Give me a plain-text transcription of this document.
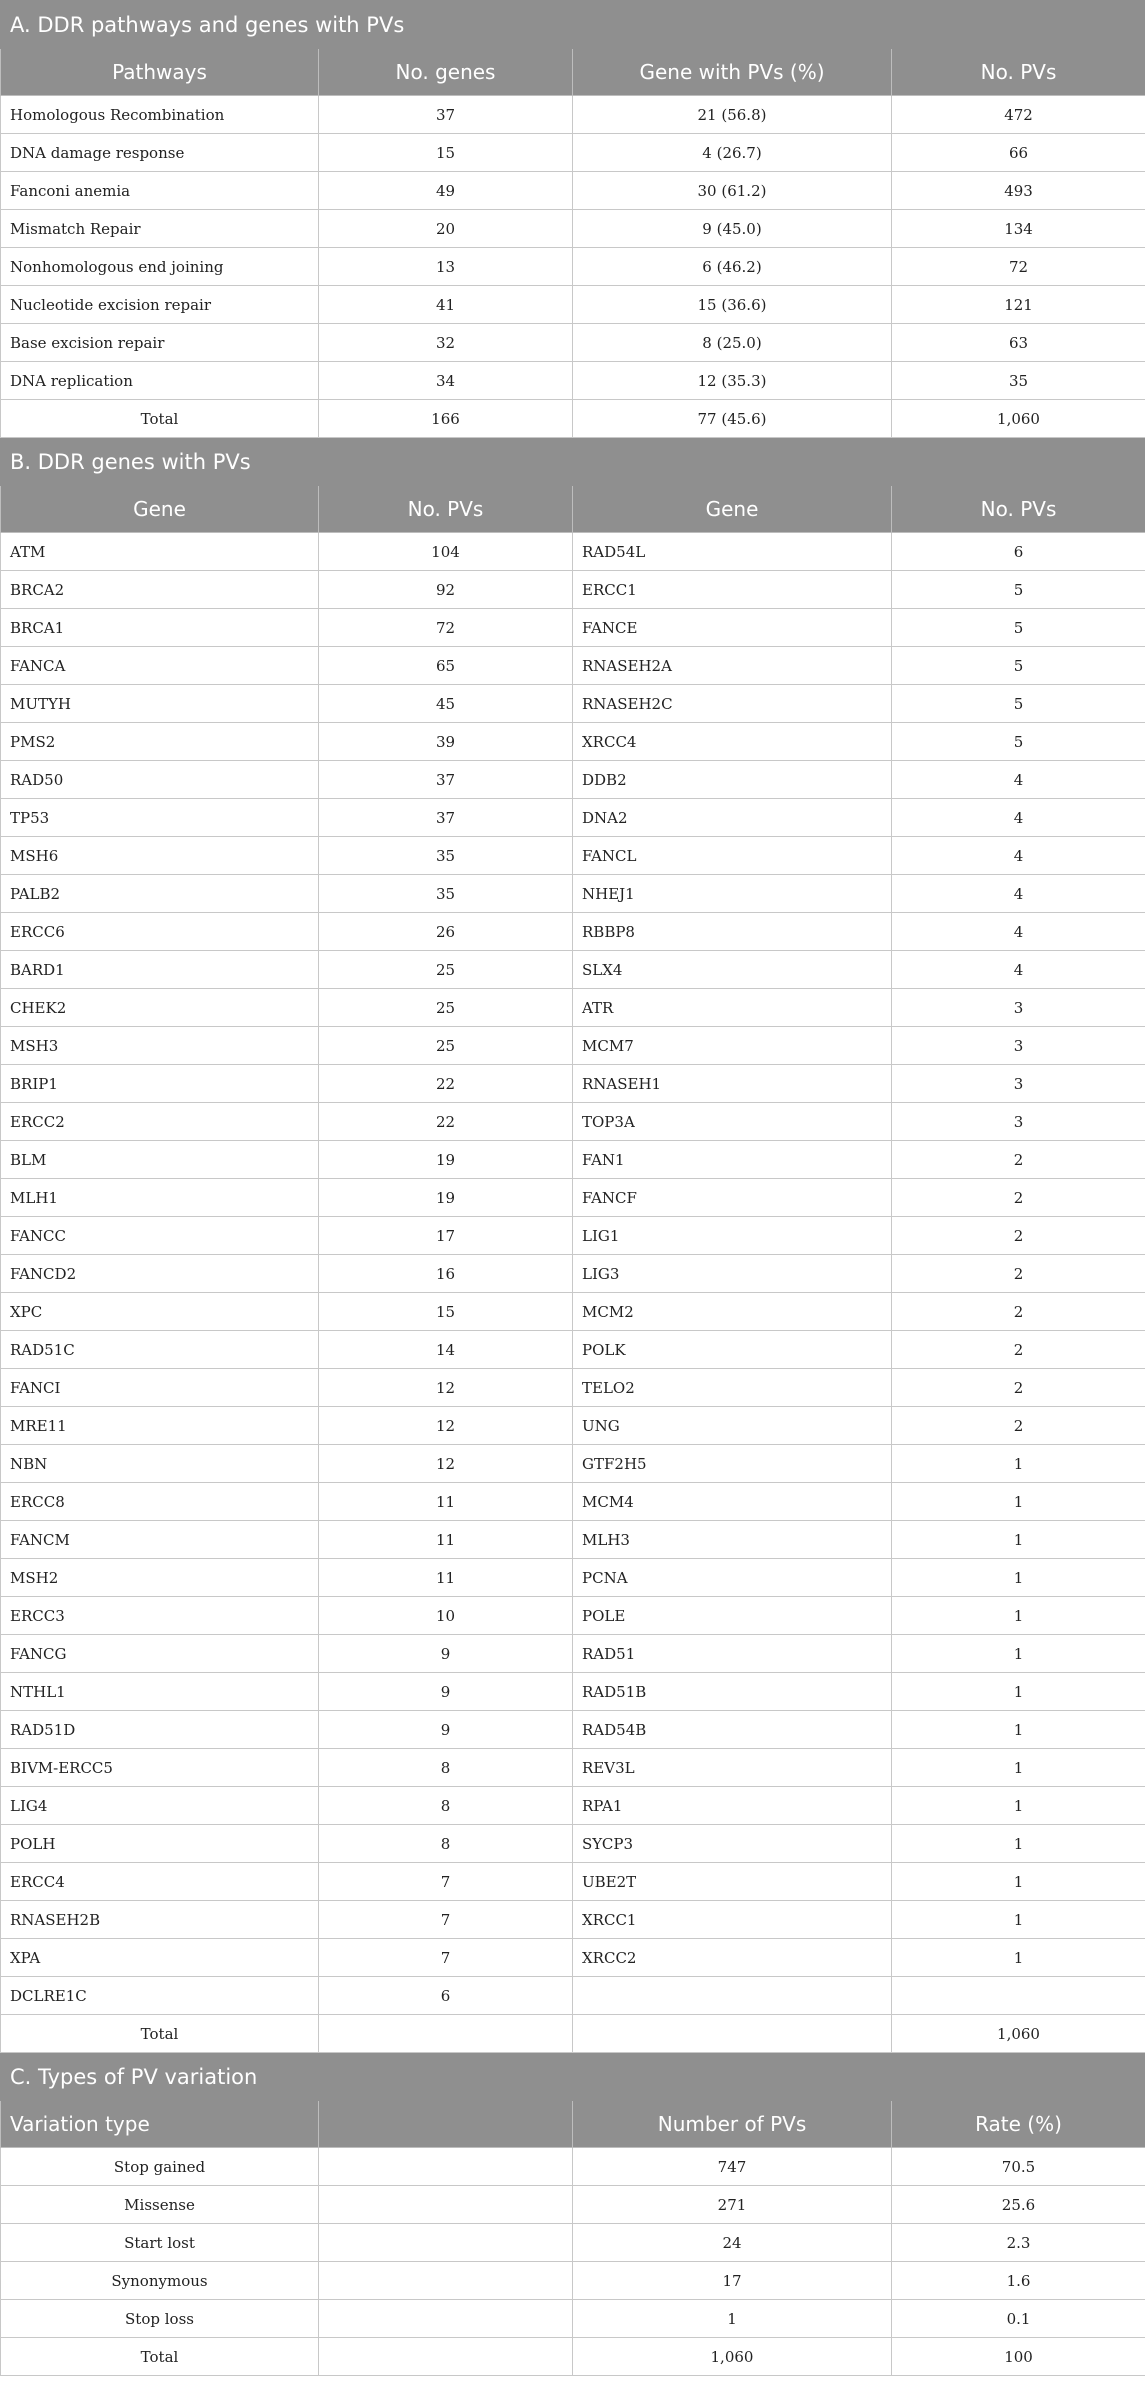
A. DDR pathways and genes with PVs			
Pathways	No. genes	Gene with PVs (%)	No. PVs
Homologous Recombination	37	21 (56.8)	472
DNA damage response	15	4 (26.7)	66
Fanconi anemia	49	30 (61.2)	493
Mismatch Repair	20	9 (45.0)	134
Nonhomologous end joining	13	6 (46.2)	72
Nucleotide excision repair	41	15 (36.6)	121
Base excision repair	32	8 (25.0)	63
DNA replication	34	12 (35.3)	35
Total	166	77 (45.6)	1,060
B. DDR genes with PVs			
Gene	No. PVs	Gene	No. PVs
ATM	104	RAD54L	6
BRCA2	92	ERCC1	5
BRCA1	72	FANCE	5
FANCA	65	RNASEH2A	5
MUTYH	45	RNASEH2C	5
PMS2	39	XRCC4	5
RAD50	37	DDB2	4
TP53	37	DNA2	4
MSH6	35	FANCL	4
PALB2	35	NHEJ1	4
ERCC6	26	RBBP8	4
BARD1	25	SLX4	4
CHEK2	25	ATR	3
MSH3	25	MCM7	3
BRIP1	22	RNASEH1	3
ERCC2	22	TOP3A	3
BLM	19	FAN1	2
MLH1	19	FANCF	2
FANCC	17	LIG1	2
FANCD2	16	LIG3	2
XPC	15	MCM2	2
RAD51C	14	POLK	2
FANCI	12	TELO2	2
MRE11	12	UNG	2
NBN	12	GTF2H5	1
ERCC8	11	MCM4	1
FANCM	11	MLH3	1
MSH2	11	PCNA	1
ERCC3	10	POLE	1
FANCG	9	RAD51	1
NTHL1	9	RAD51B	1
RAD51D	9	RAD54B	1
BIVM-ERCC5	8	REV3L	1
LIG4	8	RPA1	1
POLH	8	SYCP3	1
ERCC4	7	UBE2T	1
RNASEH2B	7	XRCC1	1
XPA	7	XRCC2	1
DCLRE1C	6		
Total			1,060
C. Types of PV variation			
Variation type		Number of PVs	Rate (%)
Stop gained		747	70.5
Missense		271	25.6
Start lost		24	2.3
Synonymous		17	1.6
Stop loss		1	0.1
Total		1,060	100
